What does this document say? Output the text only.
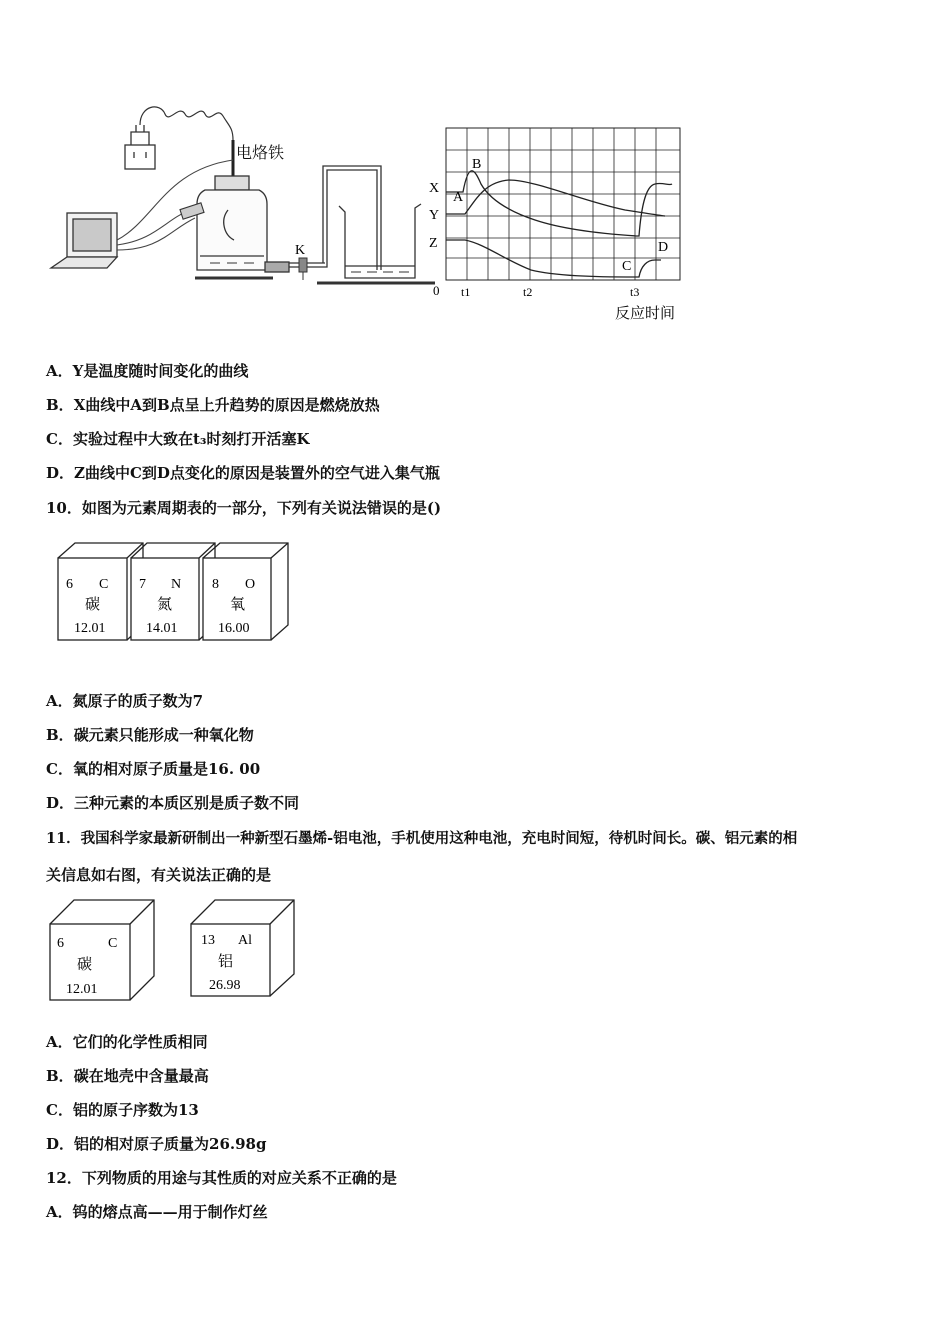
K
电烙铁
X
Y
Z
A
B
C
D
0 t1	t2	t3
反应时间
A．Y是温度随时间变化的曲线
B．X曲线中A到B点呈上升趋势的原因是燃烧放热
C．实验过程中大致在t₃时刻打开活塞K
D．Z曲线中C到D点变化的原因是装置外的空气进入集气瓶
10．如图为元素周期表的一部分，下列有关说法错误的是()
6 C
碳
12.01
7 N
氮
14.01
8 O
氧
16.00
A．氮原子的质子数为7
B．碳元素只能形成一种氧化物
C．氧的相对原子质量是16. 00
D．三种元素的本质区别是质子数不同
11．我国科学家最新研制出一种新型石墨烯-铝电池，手机使用这种电池，充电时间短，待机时间长。碳、铝元素的相
关信息如右图，有关说法正确的是
6	C
碳
12.01
13 Al
铝
26.98
A．它们的化学性质相同
B．碳在地壳中含量最高
C．铝的原子序数为13
D．铝的相对原子质量为26.98g
12．下列物质的用途与其性质的对应关系不正确的是
A．钨的熔点高——用于制作灯丝
